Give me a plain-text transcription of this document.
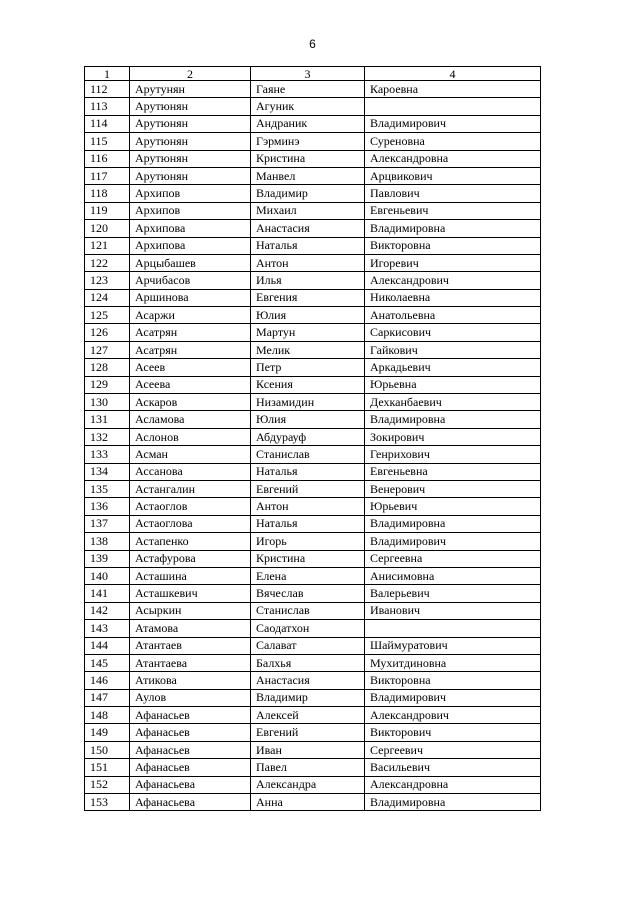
6
1	2	3	4
112	Арутунян	Гаяне	Кароевна
113	Арутюнян	Агуник	
114	Арутюнян	Андраник	Владимирович
115	Арутюнян	Гэрминэ	Суреновна
116	Арутюнян	Кристина	Александровна
117	Арутюнян	Манвел	Арцвикович
118	Архипов	Владимир	Павлович
119	Архипов	Михаил	Евгеньевич
120	Архипова	Анастасия	Владимировна
121	Архипова	Наталья	Викторовна
122	Арцыбашев	Антон	Игоревич
123	Арчибасов	Илья	Александрович
124	Аршинова	Евгения	Николаевна
125	Асаржи	Юлия	Анатольевна
126	Асатрян	Мартун	Саркисович
127	Асатрян	Мелик	Гайкович
128	Асеев	Петр	Аркадьевич
129	Асеева	Ксения	Юрьевна
130	Аскаров	Низамидин	Дехканбаевич
131	Асламова	Юлия	Владимировна
132	Аслонов	Абдурауф	Зокирович
133	Асман	Станислав	Генрихович
134	Ассанова	Наталья	Евгеньевна
135	Астангалин	Евгений	Венерович
136	Астаоглов	Антон	Юрьевич
137	Астаоглова	Наталья	Владимировна
138	Астапенко	Игорь	Владимирович
139	Астафурова	Кристина	Сергеевна
140	Асташина	Елена	Анисимовна
141	Асташкевич	Вячеслав	Валерьевич
142	Асыркин	Станислав	Иванович
143	Атамова	Саодатхон	
144	Атантаев	Салават	Шаймуратович
145	Атантаева	Балхья	Мухитдиновна
146	Атикова	Анастасия	Викторовна
147	Аулов	Владимир	Владимирович
148	Афанасьев	Алексей	Александрович
149	Афанасьев	Евгений	Викторович
150	Афанасьев	Иван	Сергеевич
151	Афанасьев	Павел	Васильевич
152	Афанасьева	Александра	Александровна
153	Афанасьева	Анна	Владимировна
